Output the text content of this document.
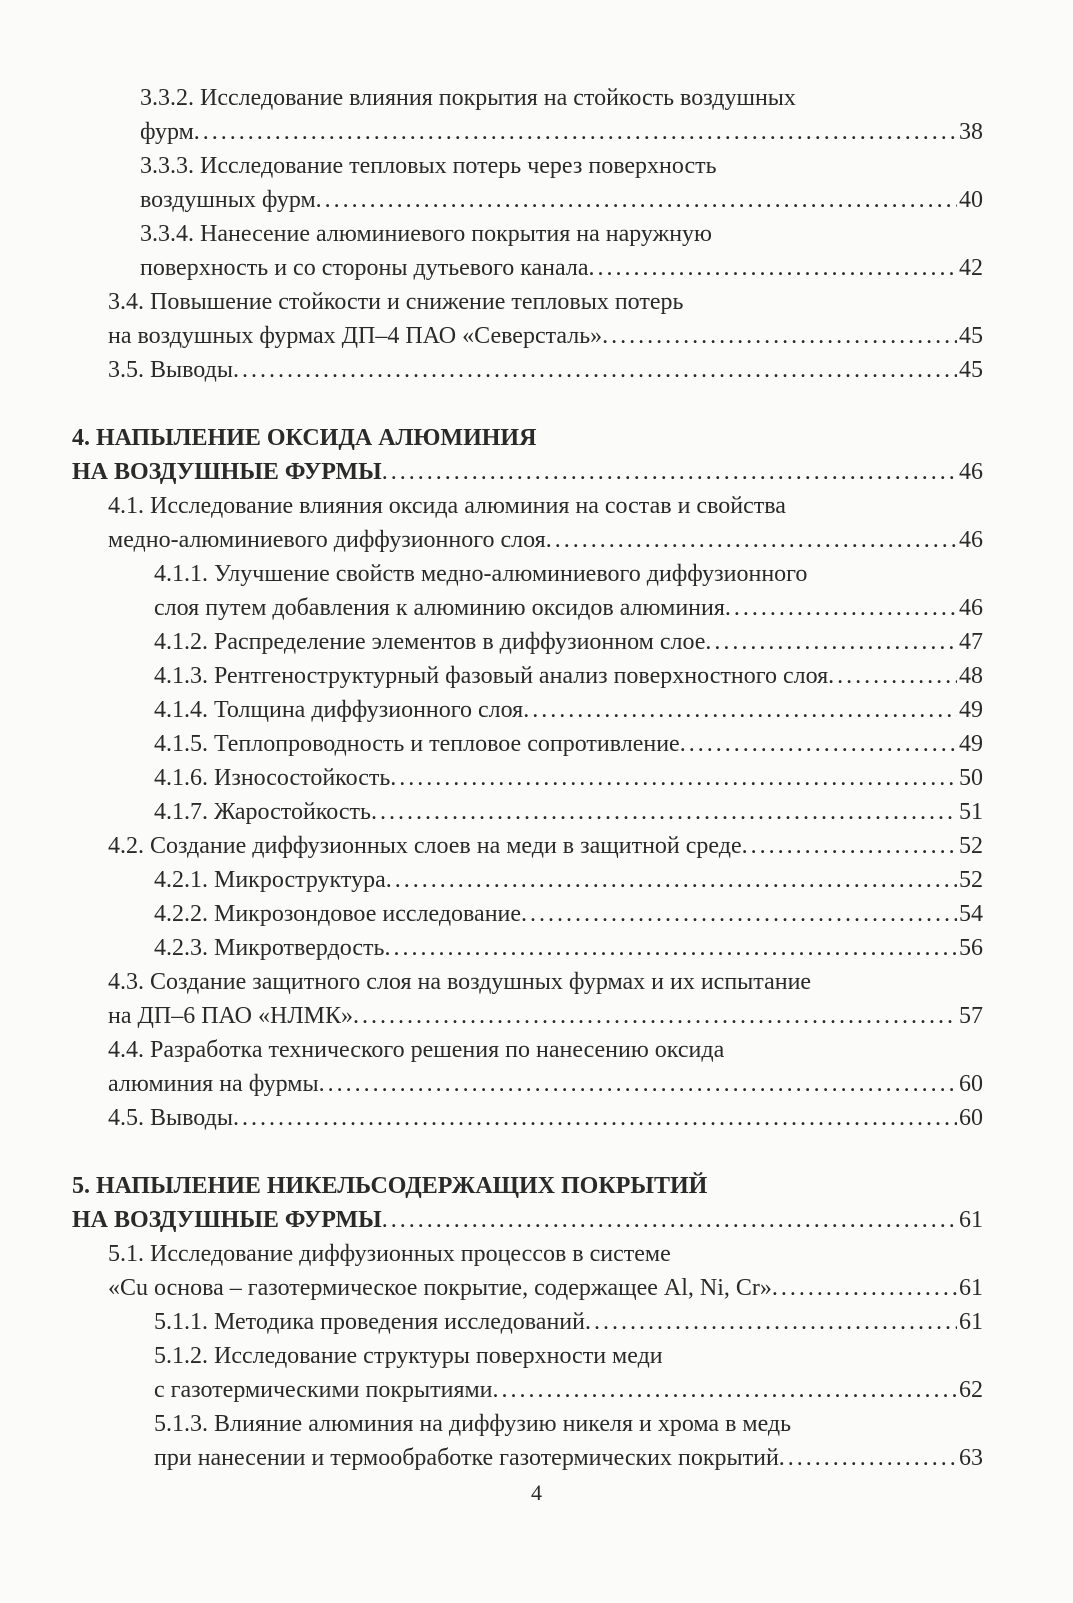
3.3.2. Исследование влияния покрытия на стойкость воздушных
фурм . . .	38
3.3.3. Исследование тепловых потерь через поверхность
воздушных фурм . . .	40
3.3.4. Нанесение алюминиевого покрытия на наружную
поверхность и со стороны дутьевого канала . . .	42
3.4. Повышение стойкости и снижение тепловых потерь
на воздушных фурмах ДП–4 ПАО «Северсталь» . . .	45
3.5. Выводы . . .	45
4. НАПЫЛЕНИЕ ОКСИДА АЛЮМИНИЯ
НА ВОЗДУШНЫЕ ФУРМЫ . . .	46
4.1. Исследование влияния оксида алюминия на состав и свойства
медно-алюминиевого диффузионного слоя . . .	46
4.1.1. Улучшение свойств медно-алюминиевого диффузионного
слоя путем добавления к алюминию оксидов алюминия . . .	46
4.1.2. Распределение элементов в диффузионном слое . . .	47
4.1.3. Рентгеноструктурный фазовый анализ поверхностного слоя . . .	48
4.1.4. Толщина диффузионного слоя . . .	49
4.1.5. Теплопроводность и тепловое сопротивление . . .	49
4.1.6. Износостойкость . . .	50
4.1.7. Жаростойкость . . .	51
4.2. Создание диффузионных слоев на меди в защитной среде . . .	52
4.2.1. Микроструктура . . .	52
4.2.2. Микрозондовое исследование . . .	54
4.2.3. Микротвердость . . .	56
4.3. Создание защитного слоя на воздушных фурмах и их испытание
на ДП–6 ПАО «НЛМК» . . .	57
4.4. Разработка технического решения по нанесению оксида
алюминия на фурмы . . .	60
4.5. Выводы . . .	60
5. НАПЫЛЕНИЕ НИКЕЛЬСОДЕРЖАЩИХ ПОКРЫТИЙ
НА ВОЗДУШНЫЕ ФУРМЫ . . .	61
5.1. Исследование диффузионных процессов в системе
«Cu основа – газотермическое покрытие, содержащее Al, Ni, Cr» . . .	61
5.1.1. Методика проведения исследований . . .	61
5.1.2. Исследование структуры поверхности меди
с газотермическими покрытиями . . .	62
5.1.3. Влияние алюминия на диффузию никеля и хрома в медь
при нанесении и термообработке газотермических покрытий . . .	63
4
